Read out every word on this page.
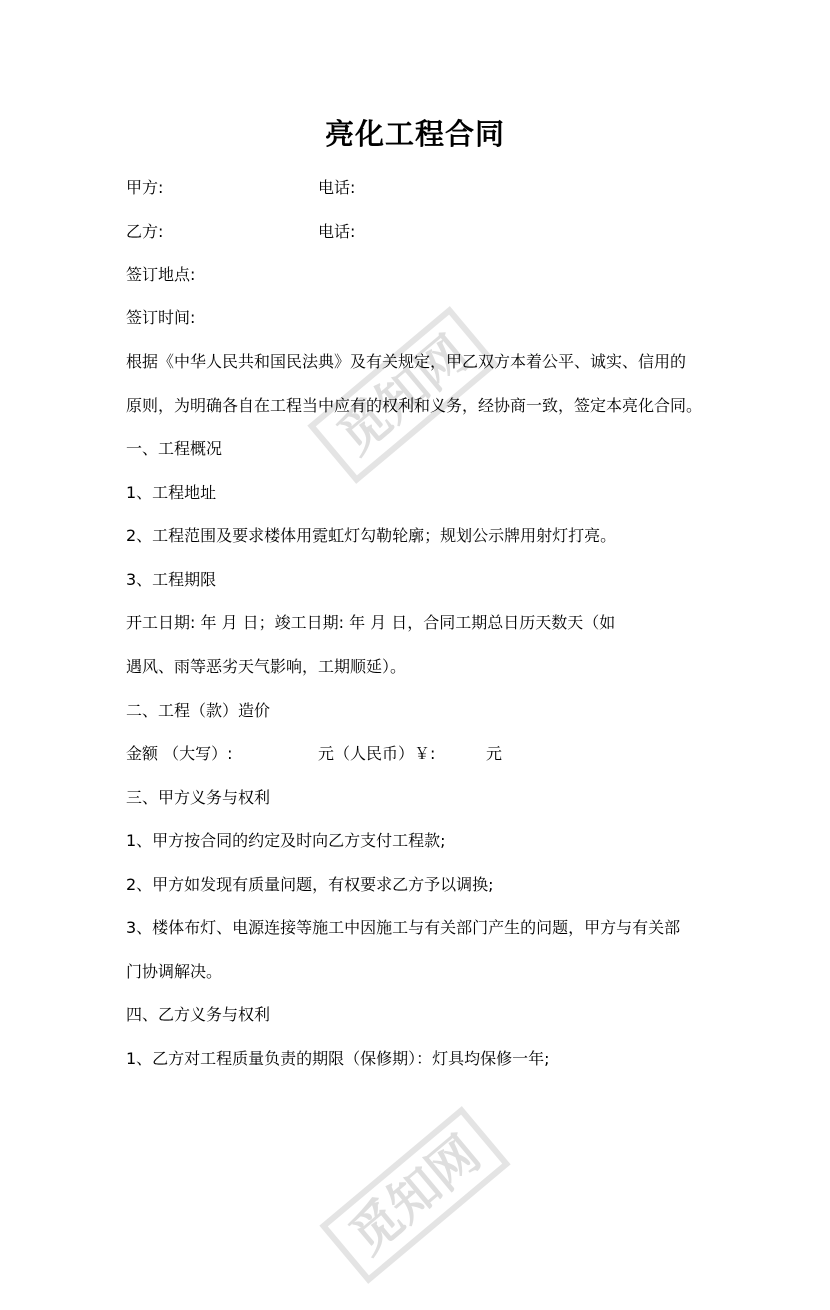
觅知网
觅知网
亮化工程合同
甲方:	电话:
乙方:	电话:
签订地点:
签订时间:
根据《中华人民共和国民法典》及有关规定，甲乙双方本着公平、诚实、信用的
原则，为明确各自在工程当中应有的权利和义务，经协商一致，签定本亮化合同。
一、工程概况
1、工程地址
2、工程范围及要求楼体用霓虹灯勾勒轮廓；规划公示牌用射灯打亮。
3、工程期限
开工日期: 年 月 日；竣工日期: 年 月 日，合同工期总日历天数天（如
遇风、雨等恶劣天气影响，工期顺延）。
二、工程（款）造价
金额 （大写）:	元（人民币）￥:	元
三、甲方义务与权利
1、甲方按合同的约定及时向乙方支付工程款;
2、甲方如发现有质量问题，有权要求乙方予以调换;
3、楼体布灯、电源连接等施工中因施工与有关部门产生的问题，甲方与有关部
门协调解决。
四、乙方义务与权利
1、乙方对工程质量负责的期限（保修期）：灯具均保修一年;
